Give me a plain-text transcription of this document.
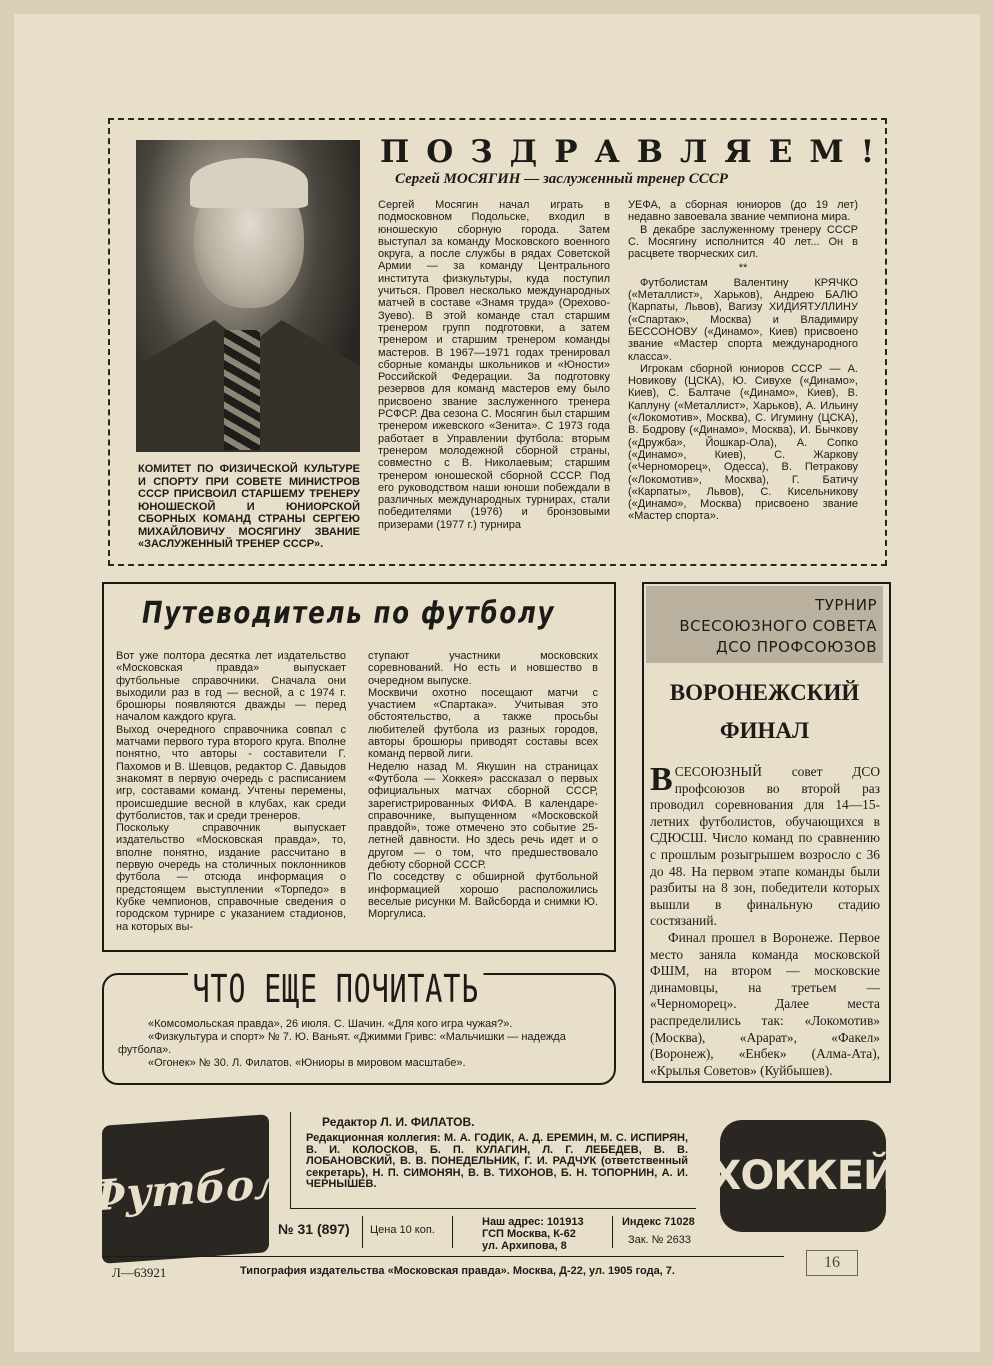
ПОЗДРАВЛЯЕМ!
Сергей МОСЯГИН — заслуженный тренер СССР
КОМИТЕТ ПО ФИЗИЧЕСКОЙ КУЛЬТУРЕ И СПОРТУ ПРИ СОВЕТЕ МИНИСТРОВ СССР ПРИСВОИЛ СТАРШЕМУ ТРЕНЕРУ ЮНОШЕСКОЙ И ЮНИОРСКОЙ СБОРНЫХ КОМАНД СТРАНЫ СЕРГЕЮ МИХАЙЛОВИЧУ МОСЯГИНУ ЗВАНИЕ «ЗАСЛУЖЕННЫЙ ТРЕНЕР СССР».
Сергей Мосягин начал играть в подмосковном Подольске, входил в юношескую сборную города. Затем выступал за команду Московского военного округа, а после службы в рядах Советской Армии — за команду Центрального института физкультуры, куда поступил учиться. Провел несколько международных матчей в составе «Знамя труда» (Орехово-Зуево). В этой команде стал старшим тренером групп подготовки, а затем тренером и старшим тренером команды мастеров. В 1967—1971 годах тренировал сборные команды школьников и «Юности» Российской Федерации. За подготовку резервов для команд мастеров ему было присвоено звание заслуженного тренера РСФСР. Два сезона С. Мосягин был старшим тренером ижевского «Зенита». С 1973 года работает в Управлении футбола: вторым тренером молодежной сборной страны, совместно с В. Николаевым; старшим тренером юношеской сборной СССР. Под его руководством наши юноши побеждали в различных международных турнирах, стали победителями (1976) и бронзовыми призерами (1977 г.) турнира
УЕФА, а сборная юниоров (до 19 лет) недавно завоевала звание чемпиона мира.
В декабре заслуженному тренеру СССР С. Мосягину исполнится 40 лет... Он в расцвете творческих сил.
**
Футболистам Валентину КРЯЧКО («Металлист», Харьков), Андрею БАЛЮ (Карпаты, Львов), Вагизу ХИДИЯТУЛЛИНУ («Спартак», Москва) и Владимиру БЕССОНОВУ («Динамо», Киев) присвоено звание «Мастер спорта международного класса».
Игрокам сборной юниоров СССР — А. Новикову (ЦСКА), Ю. Сивухе («Динамо», Киев), С. Балтаче («Динамо», Киев), В. Каплуну («Металлист», Харьков), А. Ильину («Локомотив», Москва), С. Игумину (ЦСКА), В. Бодрову («Динамо», Москва), И. Бычкову («Дружба», Йошкар-Ола), А. Сопко («Динамо», Киев), С. Жаркову («Черноморец», Одесса), В. Петракову («Локомотив», Москва), Г. Батичу («Карпаты», Львов), С. Кисельникову («Динамо», Москва) присвоено звание «Мастер спорта».
Путеводитель по футболу
Вот уже полтора десятка лет издательство «Московская правда» выпускает футбольные справочники. Сначала они выходили раз в год — весной, а с 1974 г. брошюры появляются дважды — перед началом каждого круга.
Выход очередного справочника совпал с матчами первого тура второго круга. Вполне понятно, что авторы - составители Г. Пахомов и В. Шевцов, редактор С. Давыдов знакомят в первую очередь с расписанием игр, составами команд. Учтены перемены, происшедшие весной в клубах, как среди футболистов, так и среди тренеров.
Поскольку справочник выпускает издательство «Московская правда», то, вполне понятно, издание рассчитано в первую очередь на столичных поклонников футбола — отсюда информация о предстоящем выступлении «Торпедо» в Кубке чемпионов, справочные сведения о городском турнире с указанием стадионов, на которых вы-
ступают участники московских соревнований. Но есть и новшество в очередном выпуске.
Москвичи охотно посещают матчи с участием «Спартака». Учитывая это обстоятельство, а также просьбы любителей футбола из разных городов, авторы брошюры приводят составы всех команд первой лиги.
Неделю назад М. Якушин на страницах «Футбола — Хоккея» рассказал о первых официальных матчах сборной СССР, зарегистрированных ФИФА. В календаре-справочнике, выпущенном «Московской правдой», тоже отмечено это событие 25-летней давности. Но здесь речь идет и о другом — о том, что предшествовало дебюту сборной СССР.
По соседству с обширной футбольной информацией хорошо расположились веселые рисунки М. Вайсборда и снимки Ю. Моргулиса.
ЧТО ЕЩЕ ПОЧИТАТЬ
«Комсомольская правда», 26 июля. С. Шачин. «Для кого игра чужая?».
«Физкультура и спорт» № 7. Ю. Ваньят. «Джимми Гривс: «Мальчишки — надежда футбола».
«Огонек» № 30. Л. Филатов. «Юниоры в мировом масштабе».
ТУРНИР
ВСЕСОЮЗНОГО СОВЕТА
ДСО ПРОФСОЮЗОВ
ВОРОНЕЖСКИЙ
ФИНАЛ
ВСЕСОЮЗНЫЙ совет ДСО профсоюзов во второй раз проводил соревнования для 14—15-летних футболистов, обучающихся в СДЮСШ. Число команд по сравнению с прошлым розыгрышем возросло с 36 до 48. На первом этапе команды были разбиты на 8 зон, победители которых вышли в финальную стадию состязаний.
Финал прошел в Воронеже. Первое место заняла команда московской ФШМ, на втором — московские динамовцы, на третьем — «Черноморец». Далее места распределились так: «Локомотив» (Москва), «Арарат», «Факел» (Воронеж), «Енбек» (Алма-Ата), «Крылья Советов» (Куйбышев).
Футбол	ХОККЕЙ
Редактор Л. И. ФИЛАТОВ.
Редакционная коллегия: М. А. ГОДИК, А. Д. ЕРЕМИН, М. С. ИСПИРЯН, В. И. КОЛОСКОВ, Б. П. КУЛАГИН, Л. Г. ЛЕБЕДЕВ, В. В. ЛОБАНОВСКИЙ, В. В. ПОНЕДЕЛЬНИК, Г. И. РАДЧУК (ответственный секретарь), Н. П. СИМОНЯН, В. В. ТИХОНОВ, Б. Н. ТОПОРНИН, А. И. ЧЕРНЫШЕВ.
№ 31 (897) Цена 10 коп.
Наш адрес: 101913
ГСП Москва, К-62
ул. Архипова, 8
Индекс 71028
Зак. № 2633
Л—63921	Типография издательства «Московская правда». Москва, Д-22, ул. 1905 года, 7.	16
